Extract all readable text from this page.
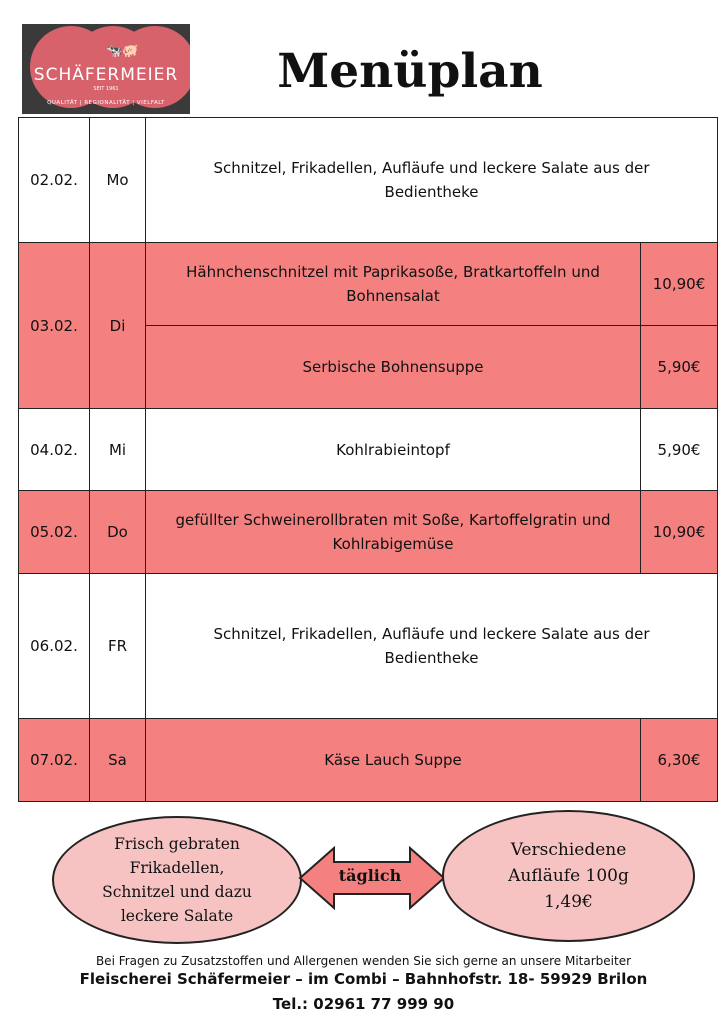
🐄🐖
SCHÄFERMEIER
SEIT 1961
QUALITÄT | REGIONALITÄT | VIELFALT
Menüplan
02.02.	Mo	Schnitzel, Frikadellen, Aufläufe und leckere Salate aus der Bedientheke	
03.02.	Di	Hähnchenschnitzel mit Paprikasoße, Bratkartoffeln und Bohnensalat	10,90€
		Serbische Bohnensuppe	5,90€
04.02.	Mi	Kohlrabieintopf	5,90€
05.02.	Do	gefüllter Schweinerollbraten mit Soße, Kartoffelgratin und Kohlrabigemüse	10,90€
06.02.	FR	Schnitzel, Frikadellen, Aufläufe und leckere Salate aus der Bedientheke	
07.02.	Sa	Käse Lauch Suppe	6,30€
Frisch gebraten Frikadellen, Schnitzel und dazu leckere Salate
täglich
Verschiedene Aufläufe 100g  1,49€
Bei Fragen zu Zusatzstoffen und Allergenen wenden Sie sich gerne an unsere Mitarbeiter
Fleischerei Schäfermeier – im Combi – Bahnhofstr. 18- 59929 Brilon
Tel.: 02961 77 999 90
